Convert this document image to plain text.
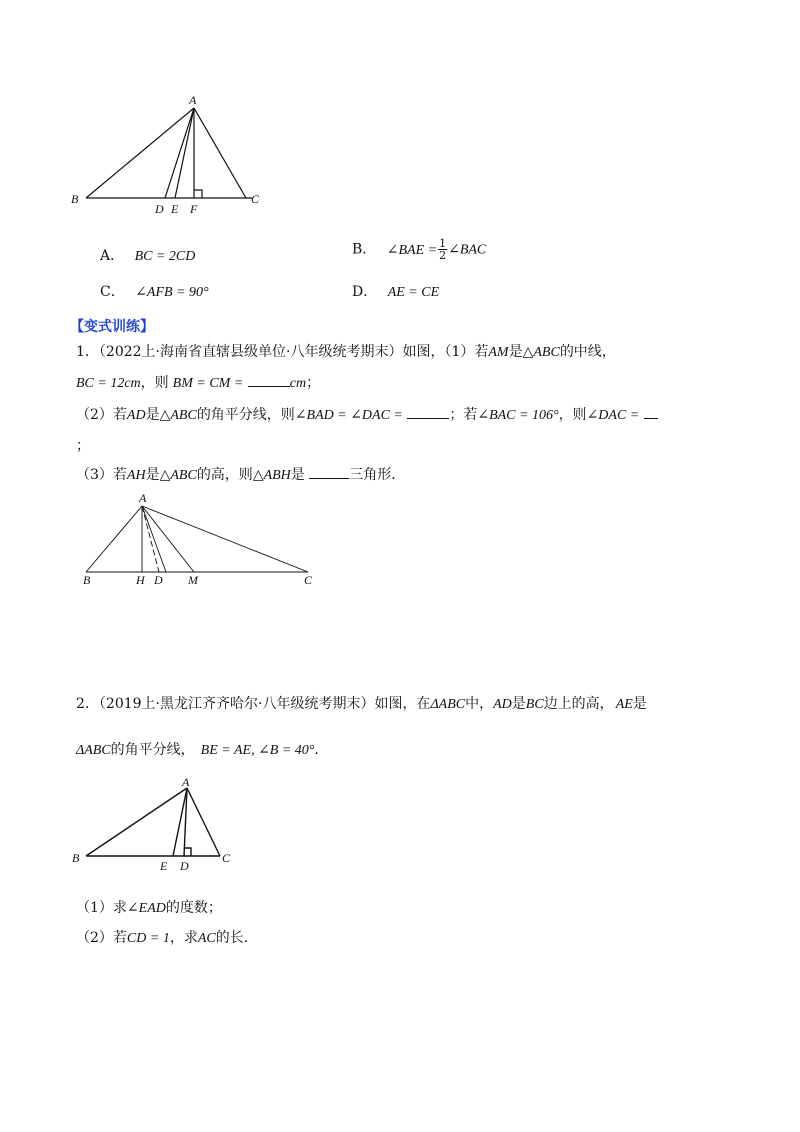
A
B	C
D E F
A． BC = 2CD	B． ∠BAE = $\frac{1}{2}$ ∠BAC
C． ∠AFB = 90°	D． AE = CE
【变式训练】
1．（2022上·海南省直辖县级单位·八年级统考期末）如图，（1）若AM是△ABC的中线，
BC = 12cm，则 BM = CM =	cm；
（2）若AD是△ABC的角平分线，则∠BAD = ∠DAC =	；若∠BAC = 106°，则∠DAC =
；
（3）若AH是△ABC的高，则△ABH是	三角形．
A
B	H D M	C
2．（2019上·黑龙江齐齐哈尔·八年级统考期末）如图，在ΔABC中，AD是BC边上的高， AE是
ΔABC的角平分线， BE = AE, ∠B = 40°．
A
B
E D
C
（1）求∠EAD的度数；
（2）若CD = 1，求AC的长．
